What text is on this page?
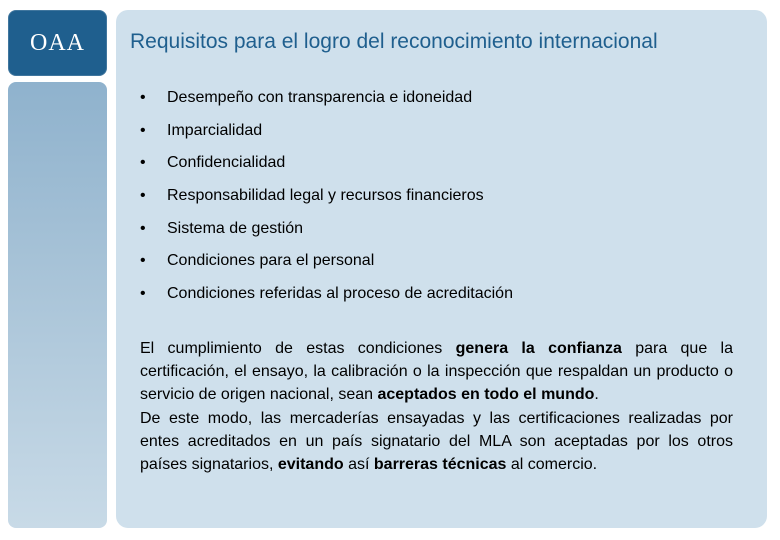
OAA	Requisitos para el logro del reconocimiento internacional
• Desempeño con transparencia e idoneidad
• Imparcialidad
• Confidencialidad
• Responsabilidad legal y recursos financieros
• Sistema de gestión
• Condiciones para el personal
• Condiciones referidas al proceso de acreditación
El cumplimiento de estas condiciones genera la confianza para que la certificación, el ensayo, la calibración o la inspección que respaldan un producto o servicio de origen nacional, sean aceptados en todo el mundo.
De este modo, las mercaderías ensayadas y las certificaciones realizadas por entes acreditados en un país signatario del MLA son aceptadas por los otros países signatarios, evitando así barreras técnicas al comercio.
